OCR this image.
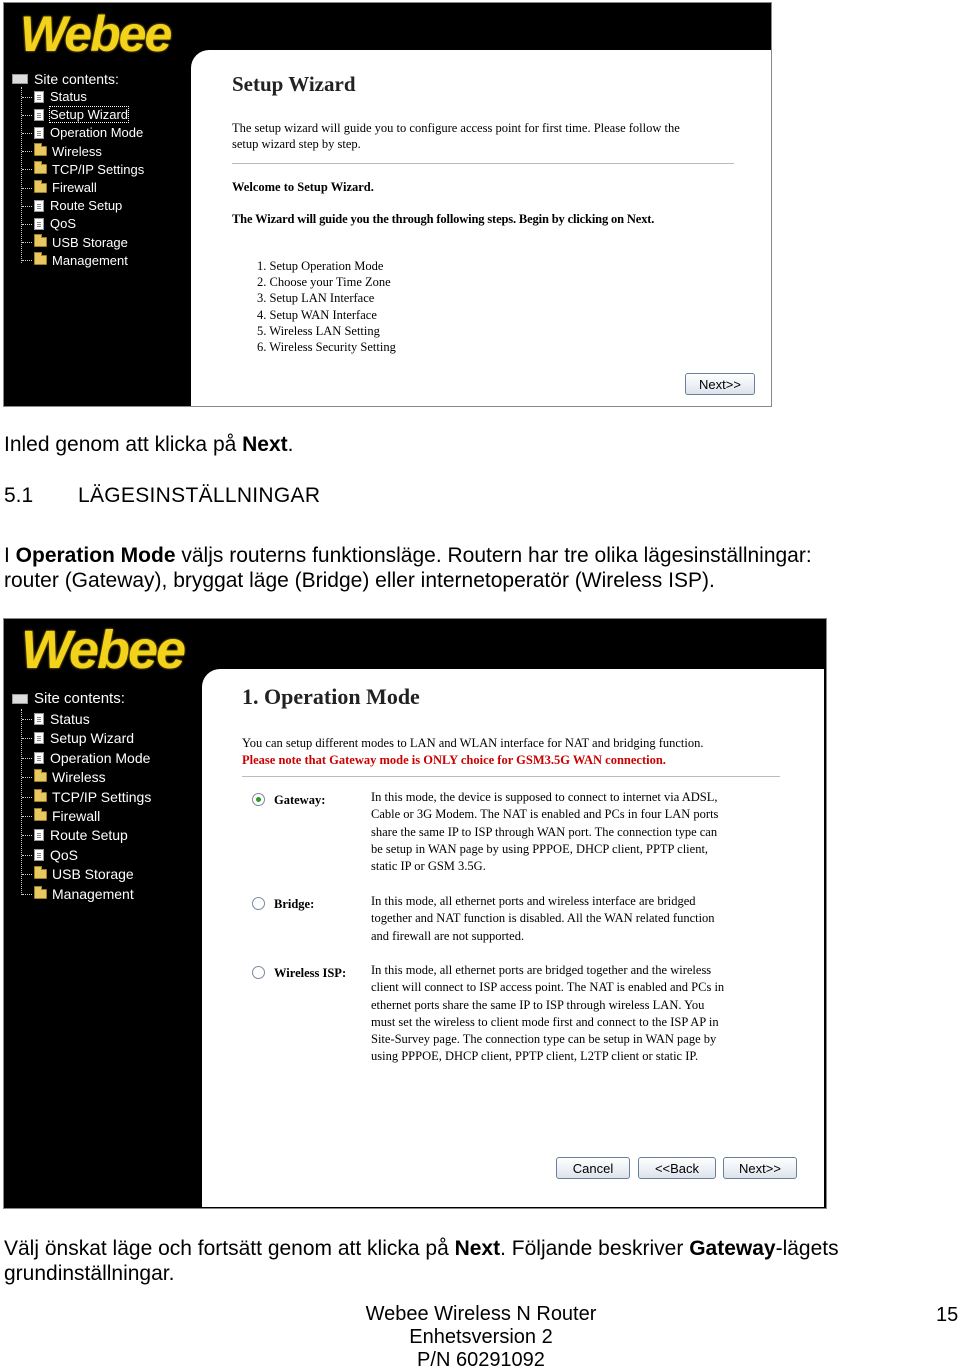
Webee
Site contents:
Status
Setup Wizard
Operation Mode
Wireless
TCP/IP Settings
Firewall
Route Setup
QoS
USB Storage
Management
Setup Wizard
The setup wizard will guide you to configure access point for first time. Please follow the
setup wizard step by step.
Welcome to Setup Wizard.
The Wizard will guide you the through following steps. Begin by clicking on Next.
1. Setup Operation Mode
2. Choose your Time Zone
3. Setup LAN Interface
4. Setup WAN Interface
5. Wireless LAN Setting
6. Wireless Security Setting
Next>>
Inled genom att klicka på Next.
5.1 LÄGESINSTÄLLNINGAR
I Operation Mode väljs routerns funktionsläge. Routern har tre olika lägesinställningar:
router (Gateway), bryggat läge (Bridge) eller internetoperatör (Wireless ISP).
Webee
Site contents:
Status
Setup Wizard
Operation Mode
Wireless
TCP/IP Settings
Firewall
Route Setup
QoS
USB Storage
Management
1. Operation Mode
You can setup different modes to LAN and WLAN interface for NAT and bridging function.
Please note that Gateway mode is ONLY choice for GSM3.5G WAN connection.
Gateway:	In this mode, the device is supposed to connect to internet via ADSL,
Cable or 3G Modem. The NAT is enabled and PCs in four LAN ports
share the same IP to ISP through WAN port. The connection type can
be setup in WAN page by using PPPOE, DHCP client, PPTP client,
static IP or GSM 3.5G.
Bridge:	In this mode, all ethernet ports and wireless interface are bridged
together and NAT function is disabled. All the WAN related function
and firewall are not supported.
Wireless ISP: In this mode, all ethernet ports are bridged together and the wireless
client will connect to ISP access point. The NAT is enabled and PCs in
ethernet ports share the same IP to ISP through wireless LAN. You
must set the wireless to client mode first and connect to the ISP AP in
Site-Survey page. The connection type can be setup in WAN page by
using PPPOE, DHCP client, PPTP client, L2TP client or static IP.
Cancel	<<Back	Next>>
Välj önskat läge och fortsätt genom att klicka på Next. Följande beskriver Gateway-lägets
grundinställningar.
Webee Wireless N Router
Enhetsversion 2
P/N 60291092
15
